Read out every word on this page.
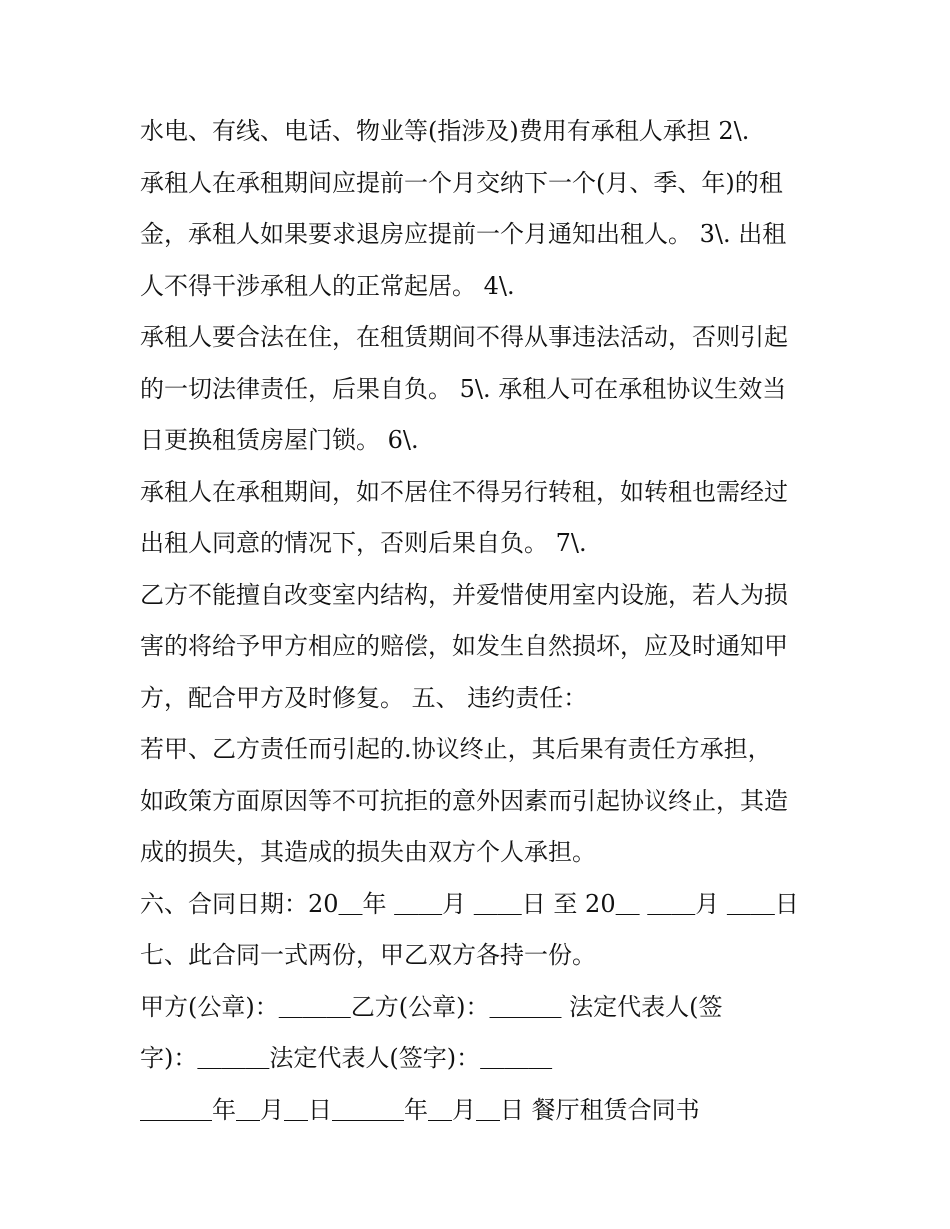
水电、有线、电话、物业等(指涉及)费用有承租人承担 2\.
承租人在承租期间应提前一个月交纳下一个(月、季、年)的租
金，承租人如果要求退房应提前一个月通知出租人。 3\. 出租
人不得干涉承租人的正常起居。 4\.
承租人要合法在住，在租赁期间不得从事违法活动，否则引起
的一切法律责任，后果自负。 5\. 承租人可在承租协议生效当
日更换租赁房屋门锁。 6\.
承租人在承租期间，如不居住不得另行转租，如转租也需经过
出租人同意的情况下，否则后果自负。 7\.
乙方不能擅自改变室内结构，并爱惜使用室内设施，若人为损
害的将给予甲方相应的赔偿，如发生自然损坏，应及时通知甲
方，配合甲方及时修复。 五、 违约责任：
若甲、乙方责任而引起的.协议终止，其后果有责任方承担，
如政策方面原因等不可抗拒的意外因素而引起协议终止，其造
成的损失，其造成的损失由双方个人承担。
六、合同日期：20＿年 ＿＿月 ＿＿日 至 20＿ ＿＿月 ＿＿日
七、此合同一式两份，甲乙双方各持一份。
甲方(公章)：＿＿＿乙方(公章)：＿＿＿ 法定代表人(签
字)：＿＿＿法定代表人(签字)：＿＿＿
＿＿＿年＿月＿日＿＿＿年＿月＿日 餐厅租赁合同书
